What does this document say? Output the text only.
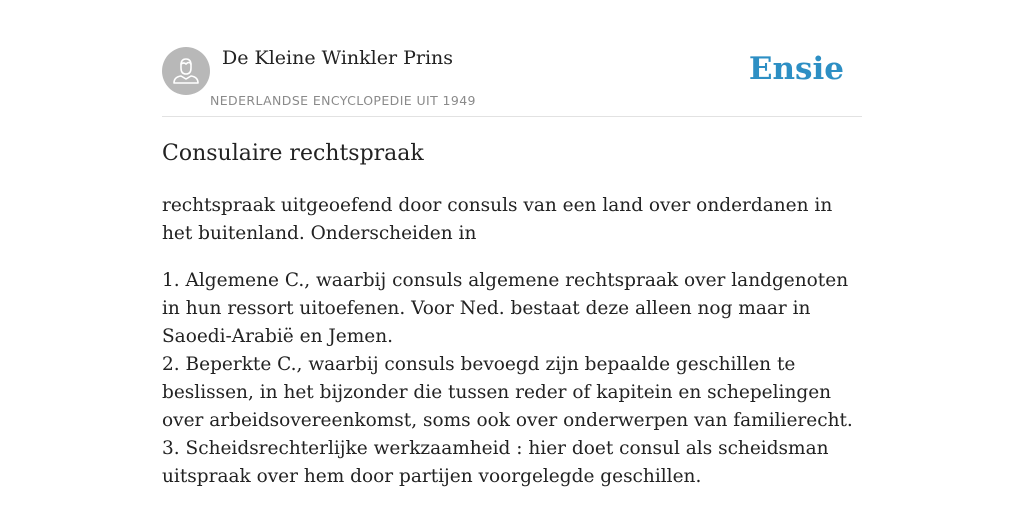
De Kleine Winkler Prins
NEDERLANDSE ENCYCLOPEDIE UIT 1949
Ensie
Consulaire rechtspraak

rechtspraak uitgeoefend door consuls van een land over onderdanen in het buitenland. Onderscheiden in

1. Algemene C., waarbij consuls algemene rechtspraak over landgenoten in hun ressort uitoefenen. Voor Ned. bestaat deze alleen nog maar in Saoedi-Arabië en Jemen.
2. Beperkte C., waarbij consuls bevoegd zijn bepaalde geschillen te beslissen, in het bijzonder die tussen reder of kapitein en schepelingen over arbeidsovereenkomst, soms ook over onderwerpen van familierecht.
3. Scheidsrechterlijke werkzaamheid : hier doet consul als scheidsman uitspraak over hem door partijen voorgelegde geschillen.
